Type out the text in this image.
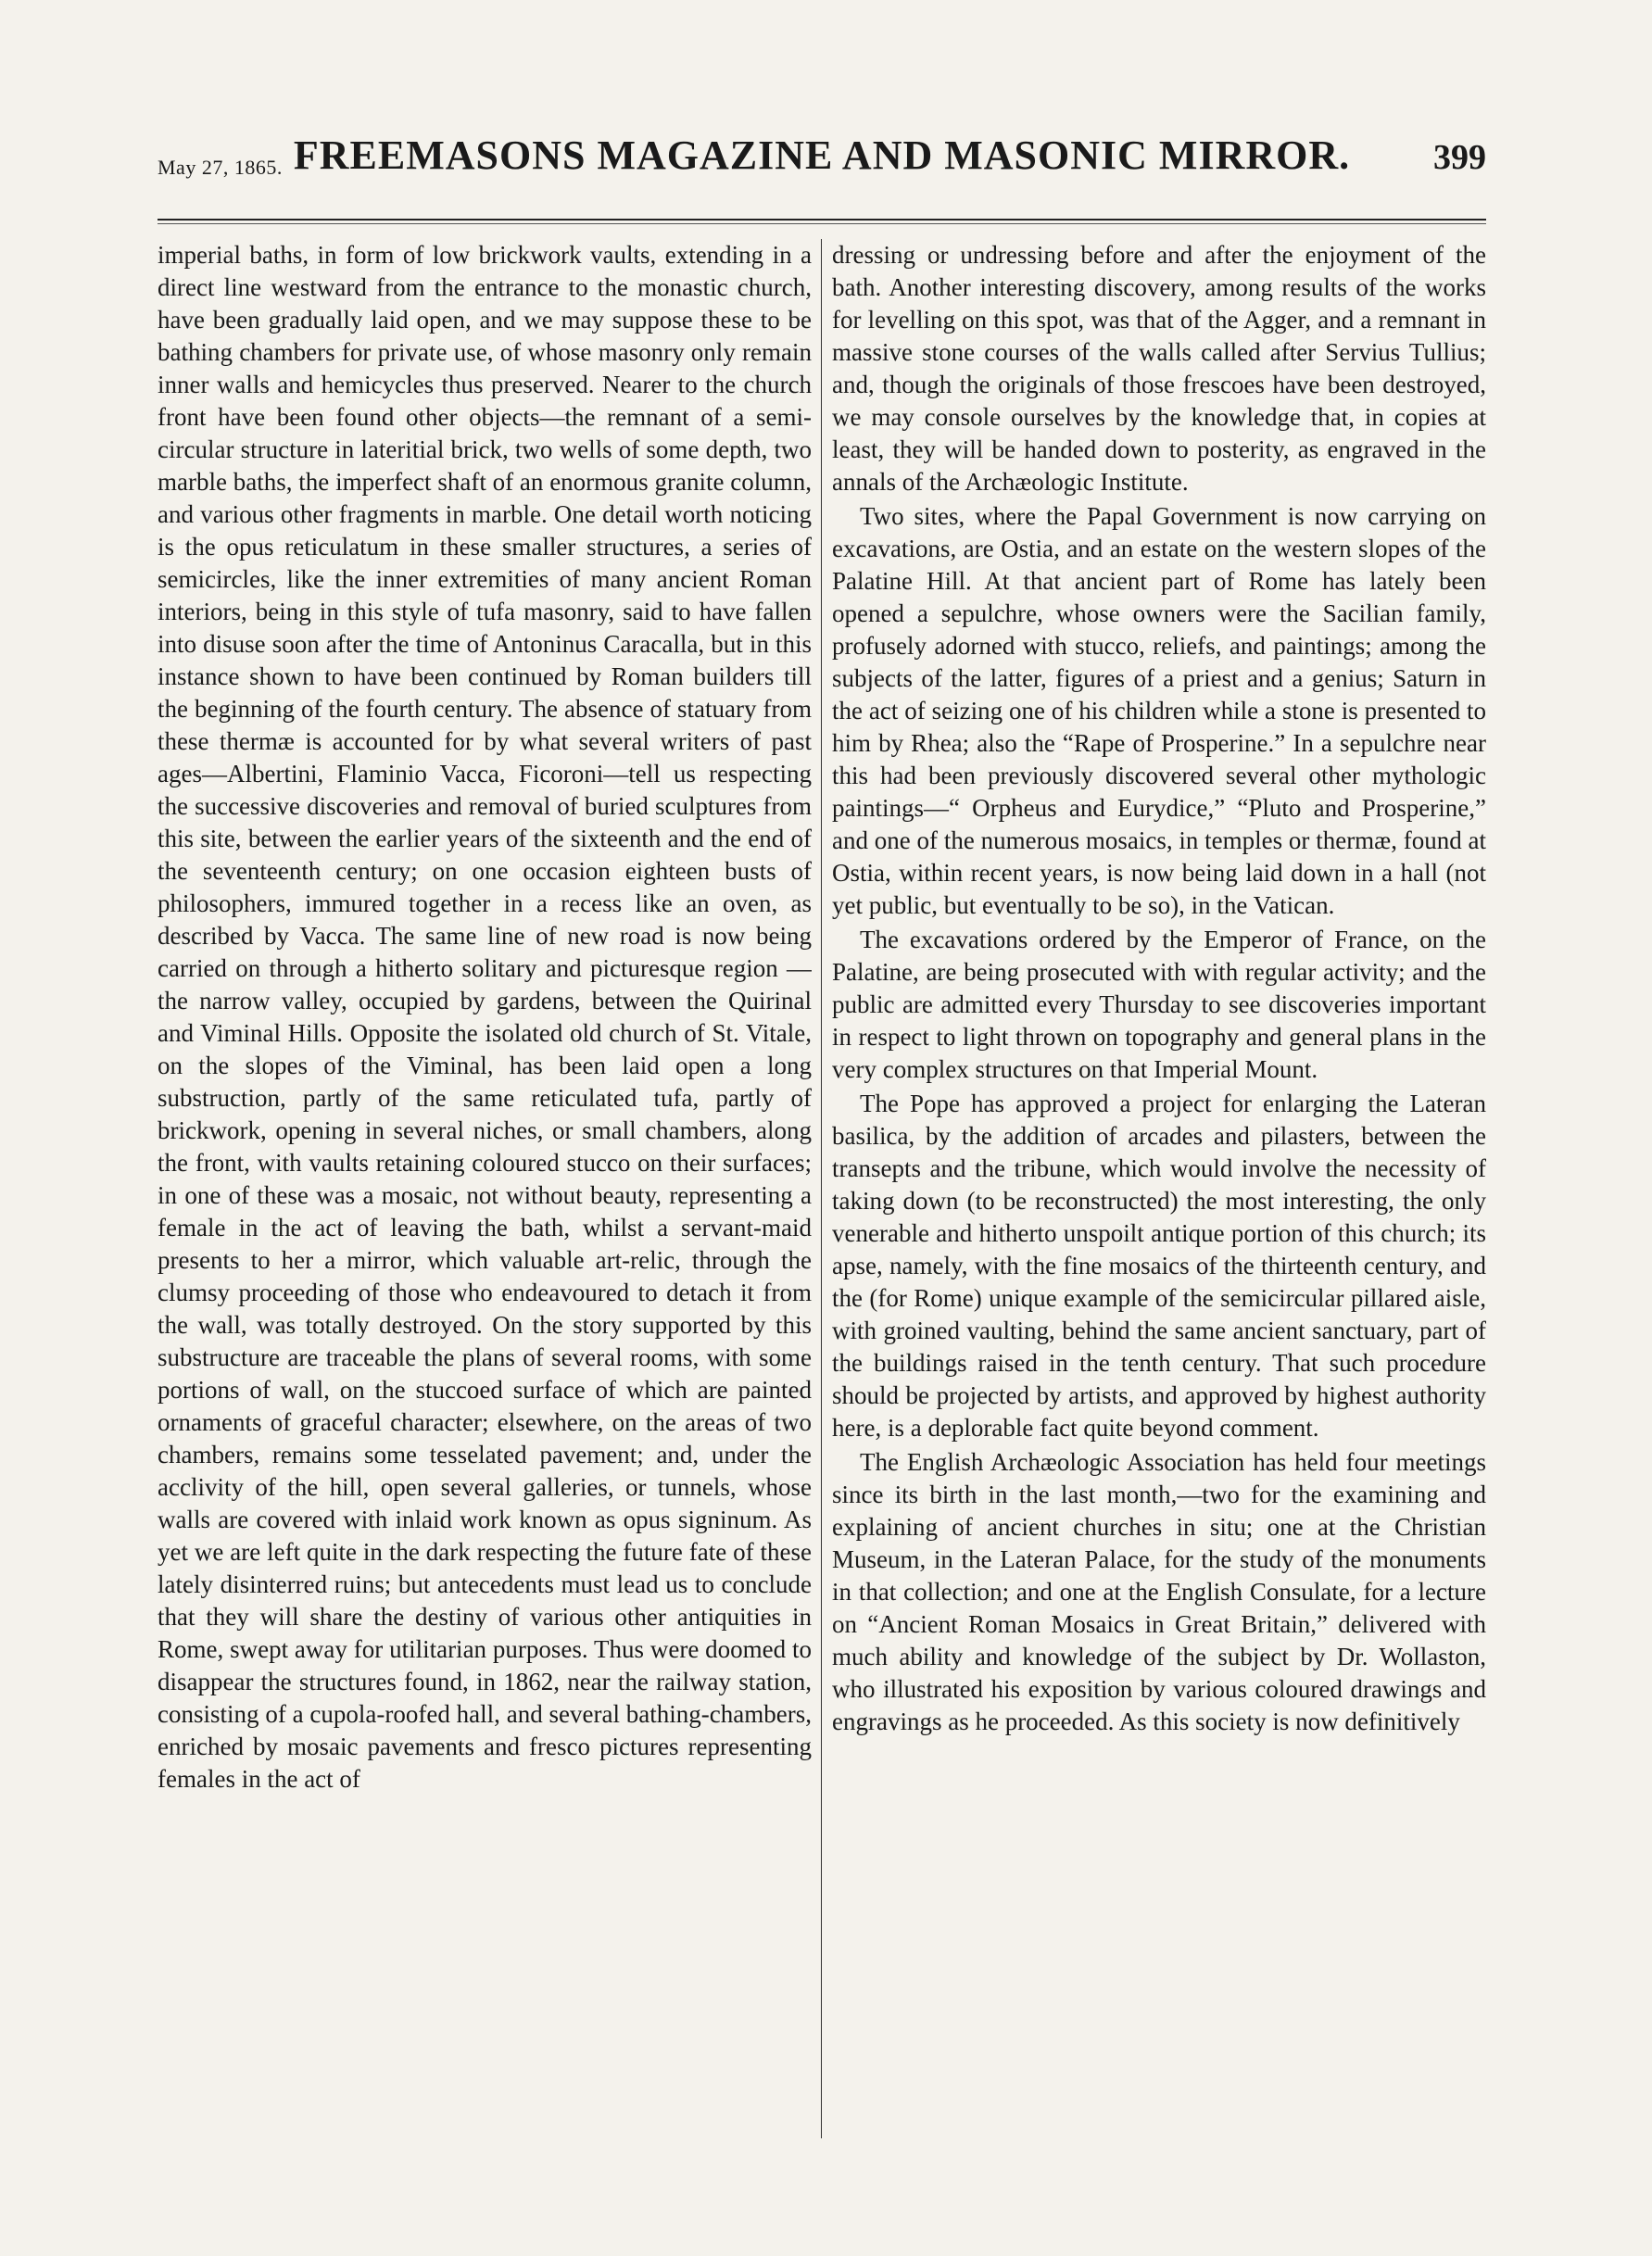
May 27, 1865. FREEMASONS MAGAZINE AND MASONIC MIRROR.	399

imperial baths, in form of low brickwork vaults, extending in a direct line westward from the entrance to the monastic church, have been gradually laid open, and we may suppose these to be bathing chambers for private use, of whose masonry only remain inner walls and hemicycles thus preserved. Nearer to the church front have been found other objects—the remnant of a semi-circular structure in lateritial brick, two wells of some depth, two marble baths, the imperfect shaft of an enormous granite column, and various other fragments in marble. One detail worth noticing is the opus reticulatum in these smaller structures, a series of semicircles, like the inner extremities of many ancient Roman interiors, being in this style of tufa masonry, said to have fallen into disuse soon after the time of Antoninus Caracalla, but in this instance shown to have been continued by Roman builders till the beginning of the fourth century. The absence of statuary from these thermæ is accounted for by what several writers of past ages—Albertini, Flaminio Vacca, Ficoroni—tell us respecting the successive discoveries and removal of buried sculptures from this site, between the earlier years of the sixteenth and the end of the seventeenth century; on one occasion eighteen busts of philosophers, immured together in a recess like an oven, as described by Vacca. The same line of new road is now being carried on through a hitherto solitary and picturesque region —the narrow valley, occupied by gardens, between the Quirinal and Viminal Hills. Opposite the isolated old church of St. Vitale, on the slopes of the Viminal, has been laid open a long substruction, partly of the same reticulated tufa, partly of brickwork, opening in several niches, or small chambers, along the front, with vaults retaining coloured stucco on their surfaces; in one of these was a mosaic, not without beauty, representing a female in the act of leaving the bath, whilst a servant-maid presents to her a mirror, which valuable art-relic, through the clumsy proceeding of those who endeavoured to detach it from the wall, was totally destroyed. On the story supported by this substructure are traceable the plans of several rooms, with some portions of wall, on the stuccoed surface of which are painted ornaments of graceful character; elsewhere, on the areas of two chambers, remains some tesselated pavement; and, under the acclivity of the hill, open several galleries, or tunnels, whose walls are covered with inlaid work known as opus signinum. As yet we are left quite in the dark respecting the future fate of these lately disinterred ruins; but antecedents must lead us to conclude that they will share the destiny of various other antiquities in Rome, swept away for utilitarian purposes. Thus were doomed to disappear the structures found, in 1862, near the railway station, consisting of a cupola-roofed hall, and several bathing-chambers, enriched by mosaic pavements and fresco pictures representing females in the act of

dressing or undressing before and after the enjoyment of the bath. Another interesting discovery, among results of the works for levelling on this spot, was that of the Agger, and a remnant in massive stone courses of the walls called after Servius Tullius; and, though the originals of those frescoes have been destroyed, we may console ourselves by the knowledge that, in copies at least, they will be handed down to posterity, as engraved in the annals of the Archæologic Institute.

Two sites, where the Papal Government is now carrying on excavations, are Ostia, and an estate on the western slopes of the Palatine Hill. At that ancient part of Rome has lately been opened a sepulchre, whose owners were the Sacilian family, profusely adorned with stucco, reliefs, and paintings; among the subjects of the latter, figures of a priest and a genius; Saturn in the act of seizing one of his children while a stone is presented to him by Rhea; also the “Rape of Prosperine.” In a sepulchre near this had been previously discovered several other mythologic paintings—“ Orpheus and Eurydice,” “Pluto and Prosperine,” and one of the numerous mosaics, in temples or thermæ, found at Ostia, within recent years, is now being laid down in a hall (not yet public, but eventually to be so), in the Vatican.

The excavations ordered by the Emperor of France, on the Palatine, are being prosecuted with with regular activity; and the public are admitted every Thursday to see discoveries important in respect to light thrown on topography and general plans in the very complex structures on that Imperial Mount.

The Pope has approved a project for enlarging the Lateran basilica, by the addition of arcades and pilasters, between the transepts and the tribune, which would involve the necessity of taking down (to be reconstructed) the most interesting, the only venerable and hitherto unspoilt antique portion of this church; its apse, namely, with the fine mosaics of the thirteenth century, and the (for Rome) unique example of the semicircular pillared aisle, with groined vaulting, behind the same ancient sanctuary, part of the buildings raised in the tenth century. That such procedure should be projected by artists, and approved by highest authority here, is a deplorable fact quite beyond comment.

The English Archæologic Association has held four meetings since its birth in the last month,—two for the examining and explaining of ancient churches in situ; one at the Christian Museum, in the Lateran Palace, for the study of the monuments in that collection; and one at the English Consulate, for a lecture on “Ancient Roman Mosaics in Great Britain,” delivered with much ability and knowledge of the subject by Dr. Wollaston, who illustrated his exposition by various coloured drawings and engravings as he proceeded. As this society is now definitively
